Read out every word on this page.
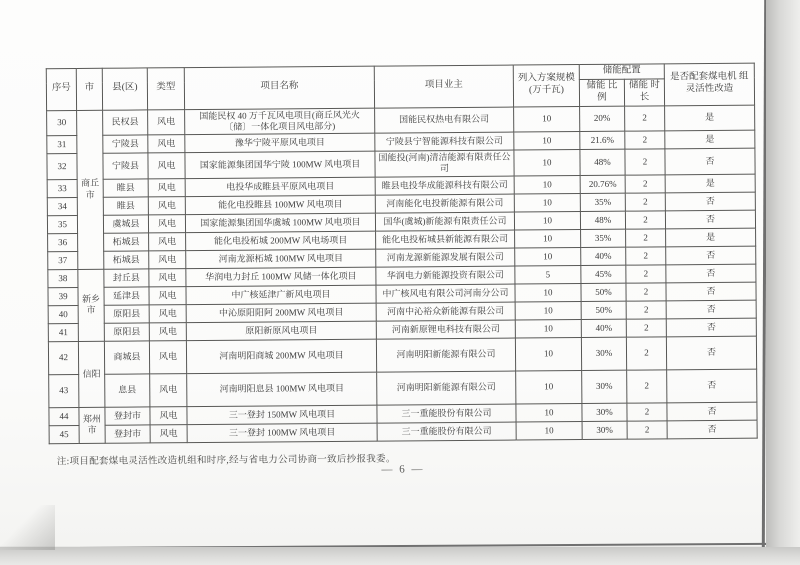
序号	市	县(区)	类型	项目名称	项目业主	列入方案规模 (万千瓦)	储能配置		是否配套煤电机 组灵活性改造
							储能 比例	储能 时长	
30	商丘市	民权县	风电	国能民权 40 万千瓦风电项目(商丘风光火 〔储〕一体化项目风电部分)	国能民权热电有限公司	10	20%	2	是
31		宁陵县	风电	豫华宁陵平原风电项目	宁陵县宁智能源科技有限公司	10	21.6%	2	是
32		宁陵县	风电	国家能源集团国华宁陵 100MW 风电项目	国能投(河南)清洁能源有限责任公司	10	48%	2	否
33		睢县	风电	电投华成睢县平原风电项目	睢县电投华成能源科技有限公司	10	20.76%	2	是
34		睢县	风电	能化电投睢县 100MW 风电项目	河南能化电投新能源有限公司	10	35%	2	否
35		虞城县	风电	国家能源集团国华虞城 100MW 风电项目	国华(虞城)新能源有限责任公司	10	48%	2	否
36		柘城县	风电	能化电投柘城 200MW 风电场项目	能化电投柘城县新能源有限公司	10	35%	2	是
37		柘城县	风电	河南龙源柘城 100MW 风电项目	河南龙源新能源发展有限公司	10	40%	2	否
38	新乡市	封丘县	风电	华润电力封丘 100MW 风储一体化项目	华润电力新能源投资有限公司	5	45%	2	否
39		延津县	风电	中广核延津广新风电项目	中广核风电有限公司河南分公司	10	50%	2	否
40		原阳县	风电	中沁原阳阳阿 200MW 风电项目	河南中沁裕众新能源有限公司	10	50%	2	否
41		原阳县	风电	原阳新原风电项目	河南新原锂电科技有限公司	10	40%	2	否
42	信阳	商城县	风电	河南明阳商城 200MW 风电项目	河南明阳新能源有限公司	10	30%	2	否
43		息县	风电	河南明阳息县 100MW 风电项目	河南明阳新能源有限公司	10	30%	2	否
44	郑州市	登封市	风电	三一登封 150MW 风电项目	三一重能股份有限公司	10	30%	2	否
45		登封市	风电	三一登封 100MW 风电项目	三一重能股份有限公司	10	30%	2	否
注:项目配套煤电灵活性改造机组和时序,经与省电力公司协商一致后抄报我委。
— 6 —
